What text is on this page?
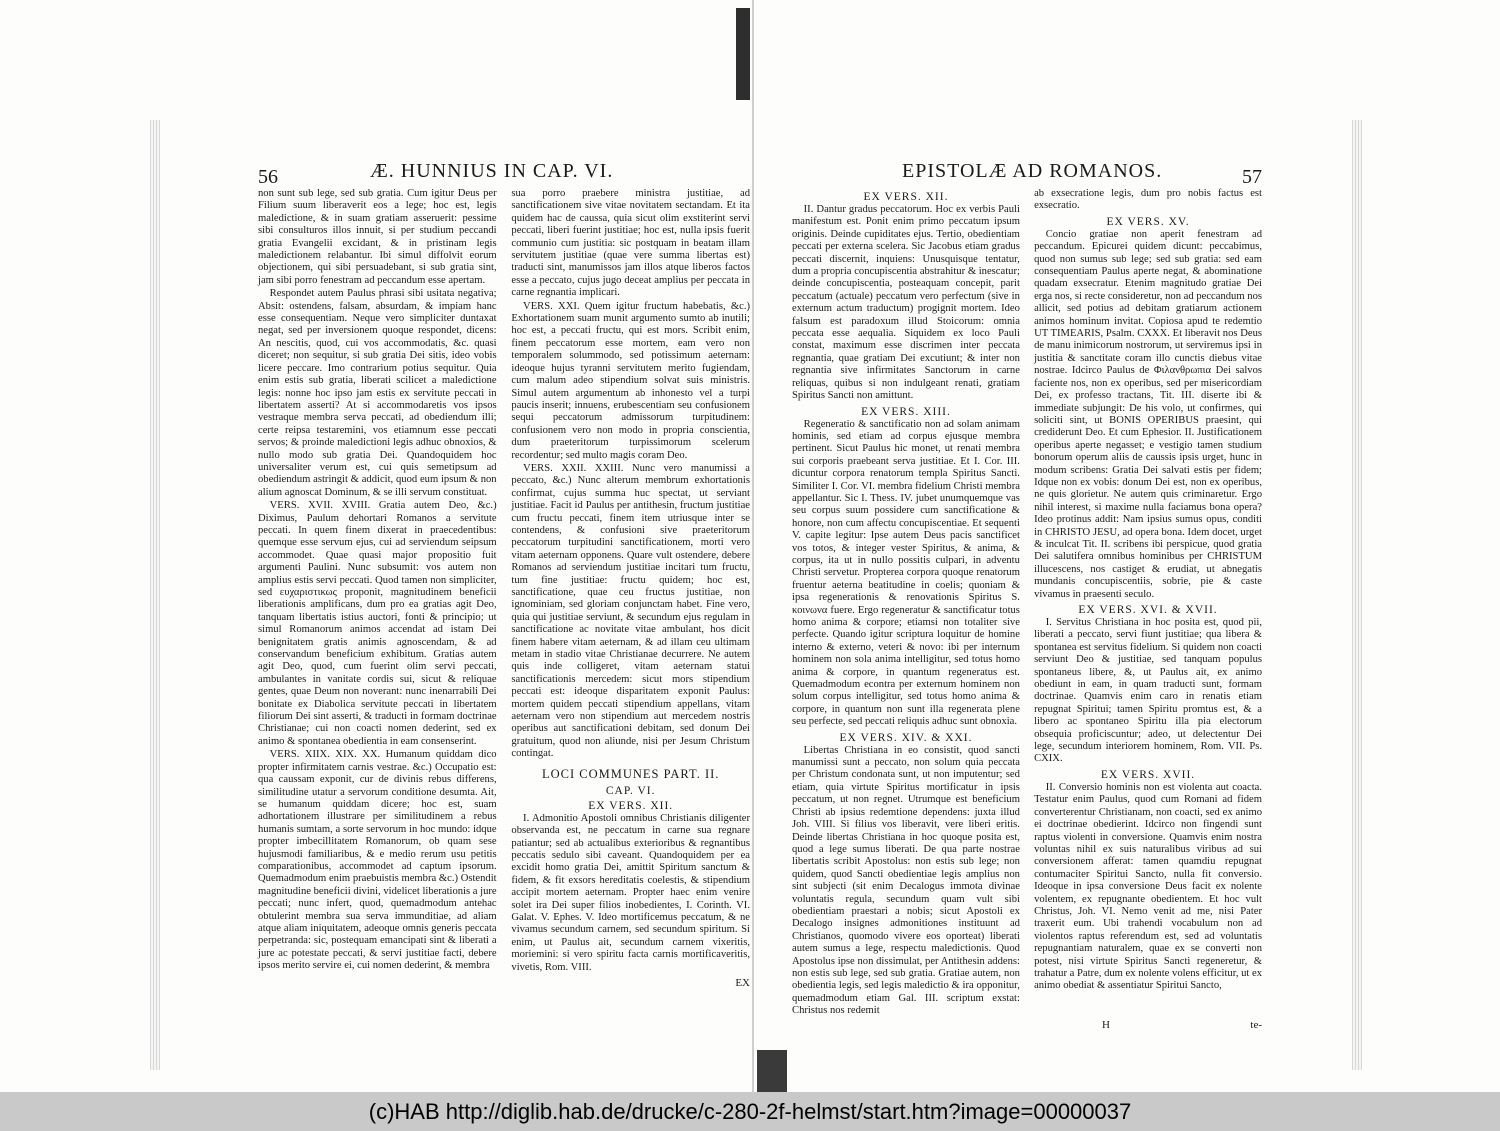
56	Æ. HUNNIUS IN CAP. VI.

non sunt sub lege, sed sub gratia. Cum igitur Deus per Filium suum liberaverit eos a lege; hoc est, legis maledictione, & in suam gratiam asseruerit: pessime sibi consulturos illos innuit, si per studium peccandi gratia Evangelii excidant, & in pristinam legis maledictionem relabantur. Ibi simul diffolvit eorum objectionem, qui sibi persuadebant, si sub gratia sint, jam sibi porro fenestram ad peccandum esse apertam.

Respondet autem Paulus phrasi sibi usitata negativa; Absit: ostendens, falsam, absurdam, & impiam hanc esse consequentiam. Neque vero simpliciter duntaxat negat, sed per inversionem quoque respondet, dicens: An nescitis, quod, cui vos accommodatis, &c. quasi diceret; non sequitur, si sub gratia Dei sitis, ideo vobis licere peccare. Imo contrarium potius sequitur. Quia enim estis sub gratia, liberati scilicet a maledictione legis: nonne hoc ipso jam estis ex servitute peccati in libertatem asserti? At si accommodaretis vos ipsos vestraque membra serva peccati, ad obediendum illi; certe reipsa testaremini, vos etiamnum esse peccati servos; & proinde maledictioni legis adhuc obnoxios, & nullo modo sub gratia Dei. Quandoquidem hoc universaliter verum est, cui quis semetipsum ad obediendum astringit & addicit, quod eum ipsum & non alium agnoscat Dominum, & se illi servum constituat.

VERS. XVII. XVIII. Gratia autem Deo, &c.) Diximus, Paulum dehortari Romanos a servitute peccati. In quem finem dixerat in praecedentibus: quemque esse servum ejus, cui ad serviendum seipsum accommodet. Quae quasi major propositio fuit argumenti Paulini. Nunc subsumit: vos autem non amplius estis servi peccati. Quod tamen non simpliciter, sed ευχαριστικως proponit, magnitudinem beneficii liberationis amplificans, dum pro ea gratias agit Deo, tanquam libertatis istius auctori, fonti & principio; ut simul Romanorum animos accendat ad istam Dei benignitatem gratis animis agnoscendam, & ad conservandum beneficium exhibitum. Gratias autem agit Deo, quod, cum fuerint olim servi peccati, ambulantes in vanitate cordis sui, sicut & reliquae gentes, quae Deum non noverant: nunc inenarrabili Dei bonitate ex Diabolica servitute peccati in libertatem filiorum Dei sint asserti, & traducti in formam doctrinae Christianae; cui non coacti nomen dederint, sed ex animo & spontanea obedientia in eam consenserint.

VERS. XIIX. XIX. XX. Humanum quiddam dico propter infirmitatem carnis vestrae. &c.) Occupatio est: qua caussam exponit, cur de divinis rebus differens, similitudine utatur a servorum conditione desumta. Ait, se humanum quiddam dicere; hoc est, suam adhortationem illustrare per similitudinem a rebus humanis sumtam, a sorte servorum in hoc mundo: idque propter imbecillitatem Romanorum, ob quam sese hujusmodi familiaribus, & e medio rerum usu petitis comparationibus, accommodet ad captum ipsorum. Quemadmodum enim praebuistis membra &c.) Ostendit magnitudine beneficii divini, videlicet liberationis a jure peccati; nunc infert, quod, quemadmodum antehac obtulerint membra sua serva immunditiae, ad aliam atque aliam iniquitatem, adeoque omnis generis peccata perpetranda: sic, postequam emancipati sint & liberati a jure ac potestate peccati, & servi justitiae facti, debere ipsos merito servire ei, cui nomen dederint, & membra

sua porro praebere ministra justitiae, ad sanctificationem sive vitae novitatem sectandam. Et ita quidem hac de caussa, quia sicut olim exstiterint servi peccati, liberi fuerint justitiae; hoc est, nulla ipsis fuerit communio cum justitia: sic postquam in beatam illam servitutem justitiae (quae vere summa libertas est) traducti sint, manumissos jam illos atque liberos factos esse a peccato, cujus jugo deceat amplius per peccata in carne regnantia implicari.

VERS. XXI. Quem igitur fructum habebatis, &c.) Exhortationem suam munit argumento sumto ab inutili; hoc est, a peccati fructu, qui est mors. Scribit enim, finem peccatorum esse mortem, eam vero non temporalem solummodo, sed potissimum aeternam: ideoque hujus tyranni servitutem merito fugiendam, cum malum adeo stipendium solvat suis ministris. Simul autem argumentum ab inhonesto vel a turpi paucis inserit; innuens, erubescentiam seu confusionem sequi peccatorum admissorum turpitudinem: confusionem vero non modo in propria conscientia, dum praeteritorum turpissimorum scelerum recordentur; sed multo magis coram Deo.

VERS. XXII. XXIII. Nunc vero manumissi a peccato, &c.) Nunc alterum membrum exhortationis confirmat, cujus summa huc spectat, ut serviant justitiae. Facit id Paulus per antithesin, fructum justitiae cum fructu peccati, finem item utriusque inter se contendens, & confusioni sive praeteritorum peccatorum turpitudini sanctificationem, morti vero vitam aeternam opponens. Quare vult ostendere, debere Romanos ad serviendum justitiae incitari tum fructu, tum fine justitiae: fructu quidem; hoc est, sanctificatione, quae ceu fructus justitiae, non ignominiam, sed gloriam conjunctam habet. Fine vero, quia qui justitiae serviunt, & secundum ejus regulam in sanctificatione ac novitate vitae ambulant, hos dicit finem habere vitam aeternam, & ad illam ceu ultimam metam in stadio vitae Christianae decurrere. Ne autem quis inde colligeret, vitam aeternam statui sanctificationis mercedem: sicut mors stipendium peccati est: ideoque disparitatem exponit Paulus: mortem quidem peccati stipendium appellans, vitam aeternam vero non stipendium aut mercedem nostris operibus aut sanctificationi debitam, sed donum Dei gratuitum, quod non aliunde, nisi per Jesum Christum contingat.

LOCI COMMUNES PART. II.
CAP. VI.
EX VERS. XII.

I. Admonitio Apostoli omnibus Christianis diligenter observanda est, ne peccatum in carne sua regnare patiantur; sed ab actualibus exterioribus & regnantibus peccatis sedulo sibi caveant. Quandoquidem per ea excidit homo gratia Dei, amittit Spiritum sanctum & fidem, & fit exsors hereditatis coelestis, & stipendium accipit mortem aeternam. Propter haec enim venire solet ira Dei super filios inobedientes, I. Corinth. VI. Galat. V. Ephes. V. Ideo mortificemus peccatum, & ne vivamus secundum carnem, sed secundum spiritum. Si enim, ut Paulus ait, secundum carnem vixeritis, moriemini: si vero spiritu facta carnis mortificaveritis, vivetis, Rom. VIII.

EX
EPISTOLÆ AD ROMANOS.	57
EX VERS. XII.

II. Dantur gradus peccatorum. Hoc ex verbis Pauli manifestum est. Ponit enim primo peccatum ipsum originis. Deinde cupiditates ejus. Tertio, obedientiam peccati per externa scelera. Sic Jacobus etiam gradus peccati discernit, inquiens: Unusquisque tentatur, dum a propria concupiscentia abstrahitur & inescatur; deinde concupiscentia, posteaquam concepit, parit peccatum (actuale) peccatum vero perfectum (sive in externum actum traductum) progignit mortem. Ideo falsum est paradoxum illud Stoicorum: omnia peccata esse aequalia. Siquidem ex loco Pauli constat, maximum esse discrimen inter peccata regnantia, quae gratiam Dei excutiunt; & inter non regnantia sive infirmitates Sanctorum in carne reliquas, quibus si non indulgeant renati, gratiam Spiritus Sancti non amittunt.

EX VERS. XIII.

Regeneratio & sanctificatio non ad solam animam hominis, sed etiam ad corpus ejusque membra pertinent. Sicut Paulus hic monet, ut renati membra sui corporis praebeant serva justitiae. Et I. Cor. III. dicuntur corpora renatorum templa Spiritus Sancti. Similiter I. Cor. VI. membra fidelium Christi membra appellantur. Sic I. Thess. IV. jubet unumquemque vas seu corpus suum possidere cum sanctificatione & honore, non cum affectu concupiscentiae. Et sequenti V. capite legitur: Ipse autem Deus pacis sanctificet vos totos, & integer vester Spiritus, & anima, & corpus, ita ut in nullo possitis culpari, in adventu Christi servetur. Propterea corpora quoque renatorum fruentur aeterna beatitudine in coelis; quoniam & ipsa regenerationis & renovationis Spiritus S. κοινωνα fuere. Ergo regeneratur & sanctificatur totus homo anima & corpore; etiamsi non totaliter sive perfecte. Quando igitur scriptura loquitur de homine interno & externo, veteri & novo: ibi per internum hominem non sola anima intelligitur, sed totus homo anima & corpore, in quantum regeneratus est. Quemadmodum econtra per externum hominem non solum corpus intelligitur, sed totus homo anima & corpore, in quantum non sunt illa regenerata plene seu perfecte, sed peccati reliquis adhuc sunt obnoxia.

EX VERS. XIV. & XXI.

Libertas Christiana in eo consistit, quod sancti manumissi sunt a peccato, non solum quia peccata per Christum condonata sunt, ut non imputentur; sed etiam, quia virtute Spiritus mortificatur in ipsis peccatum, ut non regnet. Utrumque est beneficium Christi ab ipsius redemtione dependens: juxta illud Joh. VIII. Si filius vos liberavit, vere liberi eritis. Deinde libertas Christiana in hoc quoque posita est, quod a lege sumus liberati. De qua parte nostrae libertatis scribit Apostolus: non estis sub lege; non quidem, quod Sancti obedientiae legis amplius non sint subjecti (sit enim Decalogus immota divinae voluntatis regula, secundum quam vult sibi obedientiam praestari a nobis; sicut Apostoli ex Decalogo insignes admonitiones instituunt ad Christianos, quomodo vivere eos oporteat) liberati autem sumus a lege, respectu maledictionis. Quod Apostolus ipse non dissimulat, per Antithesin addens: non estis sub lege, sed sub gratia. Gratiae autem, non obedientia legis, sed legis maledictio & ira opponitur, quemadmodum etiam Gal. III. scriptum exstat: Christus nos redemit

ab exsecratione legis, dum pro nobis factus est exsecratio.

EX VERS. XV.

Concio gratiae non aperit fenestram ad peccandum. Epicurei quidem dicunt: peccabimus, quod non sumus sub lege; sed sub gratia: sed eam consequentiam Paulus aperte negat, & abominatione quadam exsecratur. Etenim magnitudo gratiae Dei erga nos, si recte consideretur, non ad peccandum nos allicit, sed potius ad debitam gratiarum actionem animos hominum invitat. Copiosa apud te redemtio UT TIMEARIS, Psalm. CXXX. Et liberavit nos Deus de manu inimicorum nostrorum, ut serviremus ipsi in justitia & sanctitate coram illo cunctis diebus vitae nostrae. Idcirco Paulus de Φιλανθρωπια Dei salvos faciente nos, non ex operibus, sed per misericordiam Dei, ex professo tractans, Tit. III. diserte ibi & immediate subjungit: De his volo, ut confirmes, qui soliciti sint, ut BONIS OPERIBUS praesint, qui crediderunt Deo. Et cum Ephesior. II. Justificationem operibus aperte negasset; e vestigio tamen studium bonorum operum aliis de caussis ipsis urget, hunc in modum scribens: Gratia Dei salvati estis per fidem; Idque non ex vobis: donum Dei est, non ex operibus, ne quis glorietur. Ne autem quis criminaretur. Ergo nihil interest, si maxime nulla faciamus bona opera? Ideo protinus addit: Nam ipsius sumus opus, conditi in CHRISTO JESU, ad opera bona. Idem docet, urget & inculcat Tit. II. scribens ibi perspicue, quod gratia Dei salutifera omnibus hominibus per CHRISTUM illucescens, nos castiget & erudiat, ut abnegatis mundanis concupiscentiis, sobrie, pie & caste vivamus in praesenti seculo.

EX VERS. XVI. & XVII.

I. Servitus Christiana in hoc posita est, quod pii, liberati a peccato, servi fiunt justitiae; qua libera & spontanea est servitus fidelium. Si quidem non coacti serviunt Deo & justitiae, sed tanquam populus spontaneus libere, &, ut Paulus ait, ex animo obediunt in eam, in quam traducti sunt, formam doctrinae. Quamvis enim caro in renatis etiam repugnat Spiritui; tamen Spiritu promtus est, & a libero ac spontaneo Spiritu illa pia electorum obsequia proficiscuntur; adeo, ut delectentur Dei lege, secundum interiorem hominem, Rom. VII. Ps. CXIX.

EX VERS. XVII.

II. Conversio hominis non est violenta aut coacta. Testatur enim Paulus, quod cum Romani ad fidem converterentur Christianam, non coacti, sed ex animo ei doctrinae obedierint. Idcirco non fingendi sunt raptus violenti in conversione. Quamvis enim nostra voluntas nihil ex suis naturalibus viribus ad sui conversionem afferat: tamen quamdiu repugnat contumaciter Spiritui Sancto, nulla fit conversio. Ideoque in ipsa conversione Deus facit ex nolente volentem, ex repugnante obedientem. Et hoc vult Christus, Joh. VI. Nemo venit ad me, nisi Pater traxerit eum. Ubi trahendi vocabulum non ad violentos raptus referendum est, sed ad voluntatis repugnantiam naturalem, quae ex se converti non potest, nisi virtute Spiritus Sancti regeneretur, & trahatur a Patre, dum ex nolente volens efficitur, ut ex animo obediat & assentiatur Spiritui Sancto,

H	te-
(c)HAB http://diglib.hab.de/drucke/c-280-2f-helmst/start.htm?image=00000037
